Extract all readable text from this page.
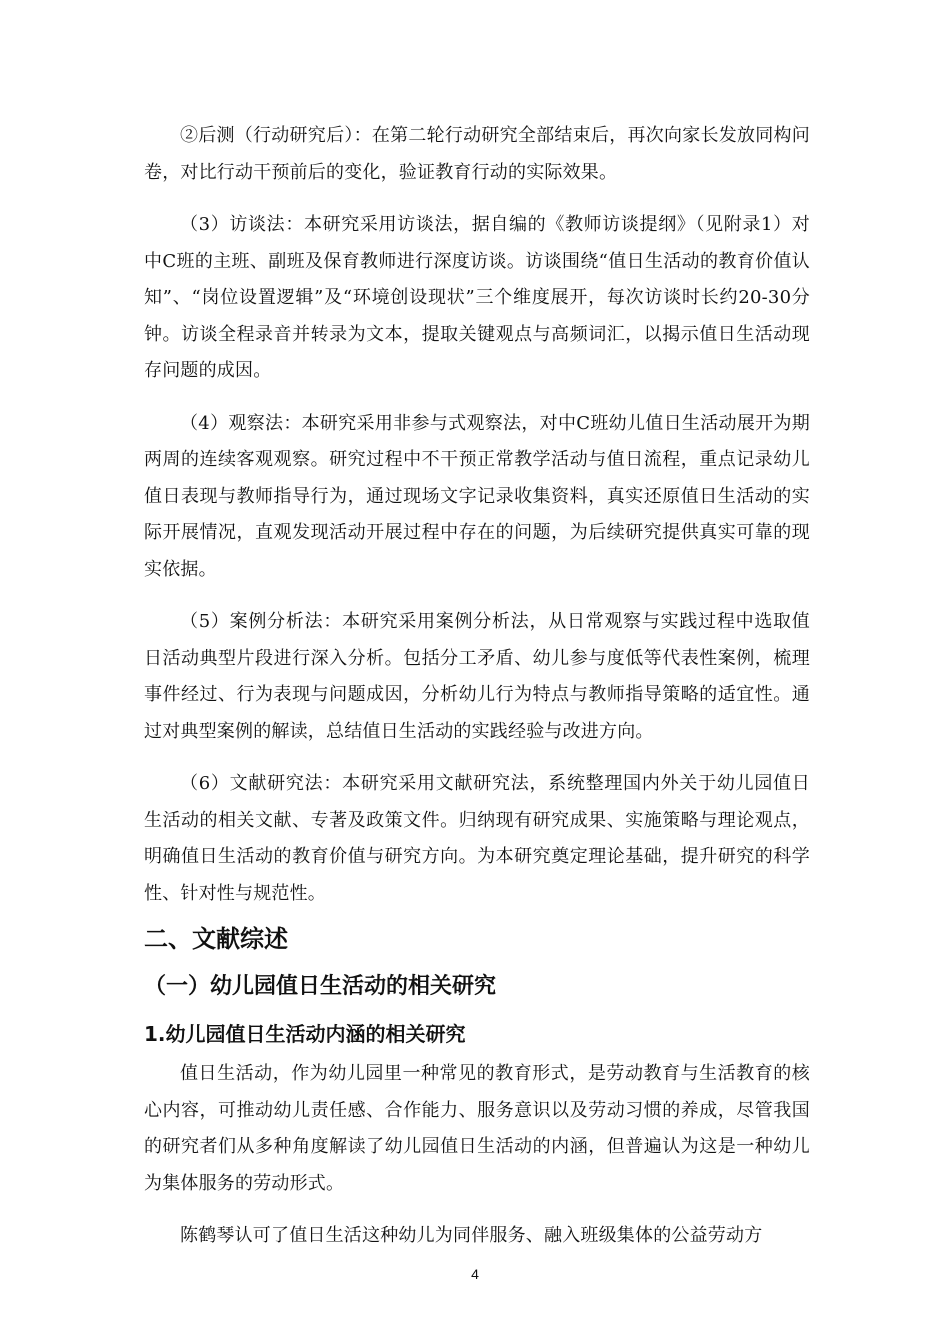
②后测（行动研究后）：在第二轮行动研究全部结束后，再次向家长发放同构问卷，对比行动干预前后的变化，验证教育行动的实际效果。

（3）访谈法：本研究采用访谈法，据自编的《教师访谈提纲》（见附录1）对中C班的主班、副班及保育教师进行深度访谈。访谈围绕“值日生活动的教育价值认知”、“岗位设置逻辑”及“环境创设现状”三个维度展开，每次访谈时长约20-30分钟。访谈全程录音并转录为文本，提取关键观点与高频词汇，以揭示值日生活动现存问题的成因。

（4）观察法：本研究采用非参与式观察法，对中C班幼儿值日生活动展开为期两周的连续客观观察。研究过程中不干预正常教学活动与值日流程，重点记录幼儿值日表现与教师指导行为，通过现场文字记录收集资料，真实还原值日生活动的实际开展情况，直观发现活动开展过程中存在的问题，为后续研究提供真实可靠的现实依据。

（5）案例分析法：本研究采用案例分析法，从日常观察与实践过程中选取值日活动典型片段进行深入分析。包括分工矛盾、幼儿参与度低等代表性案例，梳理事件经过、行为表现与问题成因，分析幼儿行为特点与教师指导策略的适宜性。通过对典型案例的解读，总结值日生活动的实践经验与改进方向。

（6）文献研究法：本研究采用文献研究法，系统整理国内外关于幼儿园值日生活动的相关文献、专著及政策文件。归纳现有研究成果、实施策略与理论观点，明确值日生活动的教育价值与研究方向。为本研究奠定理论基础，提升研究的科学性、针对性与规范性。

二、文献综述
（一）幼儿园值日生活动的相关研究
1.幼儿园值日生活动内涵的相关研究

值日生活动，作为幼儿园里一种常见的教育形式，是劳动教育与生活教育的核心内容，可推动幼儿责任感、合作能力、服务意识以及劳动习惯的养成，尽管我国的研究者们从多种角度解读了幼儿园值日生活动的内涵，但普遍认为这是一种幼儿为集体服务的劳动形式。

陈鹤琴认可了值日生活这种幼儿为同伴服务、融入班级集体的公益劳动方

4
